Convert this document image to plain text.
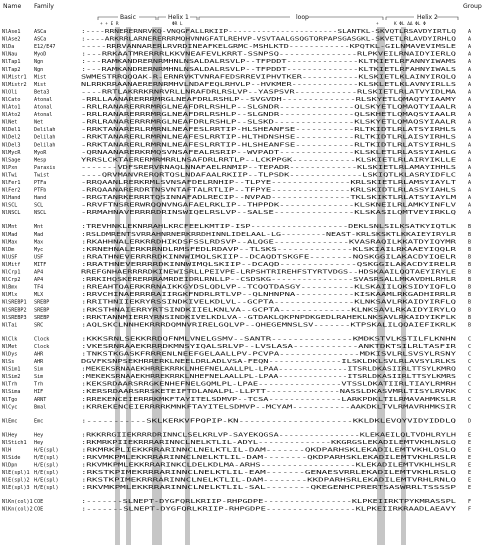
Name Family	Group
Basic	Helix 1	loop	Helix 2
+ + E R	ΦR L	+	K ΦL ΔΔ ΦL Φ
NlAse1	ASCa	:----RRNERERNRVKQ-VNQGFALLRKIIP-----------------------SLANTKL-SKVQTLRSAVDYIRTLQ A
NlAse2	ASCa	:----ARKRRLARNERERRRMQHVNNGFATLREHVP-VSVTAALGSQGTQRPAPSGASGKL-SKVETLRLAVDYIRHLQ A
NlDa	E12/E47	-----RRRVANNARERLRVRDINEAFKELGRMC-MSHLKTD------------KPQTKL-GILNMAVEVIMSLE A
NlNau	MyoD	:---RRKAATMRERRRLKKVNEAFEVLKRRT-SSNPSQ---------------RLPKVEILRNAIDYIERLQ A
NlTap1	Ngn	:---RAMKANDRERNRMHNLNSALDALRSVLP--TFPDDT--------------KLTKIETLRFANNYIWAMS A
NlTap2	Ngn	:---RAMKANDRERNRMHNLNSALDALRSVLP--TFPDDT--------------KLTKIETLRFAHNYIWALS A
NlMistr1 Mist	SWMESTRRQQQAK-R-ERNRVKTVNRAFEDSRREVIPHVTKER-----------KLSKIETLKLAINYIRQLQ A
NlMistr2 Mist	NLRRKRRAANAERERNRMHVLNDAFEQLRHVLP--HVKMER-------------KLSKLETLKLAVNYIRLLS A
NlOli	Beta3	----RRTLAKRRKRNRVRLLNRAFDRLRSLVP--YASPSVR------------RLSKIETLRLATVYIDLMA A
NlCato	Atonal	-RRLLAANARERRRMRGLNEAFDRLRSHLP--SVGVDH--------------RLSKYETLQMAQTYIAAMY A
NlAto1	Atonal	-RRLRANARERRRMRGLNEAFDRLRSHLP--SLGNDR--------------QLSKYETLQMAQTYIAALR A
NlAto2	Atonal	-RRLRANARERRRMRGLNEAFDRLRSHLP--SLGNDR--------------QLSKHETLQMAQSYIAALR A
NlNet	Net	-RRLRANARERRRMRGLNEAFDRLRSHLP--SLSKD---------------KLSKYETLQMAQSYIAALR A
NlDel1	Delilah	-RRKTANARERLRMRNLNEAFESLRRTIP-HLSHEANFSE-----------RLTKIDTLRLATSYIRHLS A
NlDel2	Delilah	-RRKTANARERLRMRNLNEAFESLRRTIP-HLTHDNSHSE-----------RLTKIDTLRLAISYIRHLS A
NlDel3	Delilah	-RRKTANARERLRMRNLNEAFESLRRTIP-HLSHEANFSE-----------RLTKIDTLRLATSYIRHLS A
NlMycR	MyoR	-QRNAANARERKRMQSVNSAFEALRSRIP--WVPADT--------------KLSKLETLRLASSYIAHLG A
NlSage	Mesp	YRRSLCKTAERERMRMRRLNSAFDRLRRTLP--LCKPPGK------------KLSKIETLRLAIRYIKLLE A
NlPxn	Paraxis	-------VDFSRERVRNAQLNNAFAELRNMIP--TEPADR-------------KLSKIETLRLAMAYIHHLS A
NlTwi	Twist	----QRVMANVRERQRTQSLNDAFAALRKIIP--TLPSDK--------------LSKIQTLKLASRYIDFLC A
NlFer1	PTFa	-RRQAANLRERKRMLSVNSAFDELRNHIP--TLPYE---------------KRLSKIETLRLAMSYIAYLT A
NlFer2	PTFb	-RRQAANARERDRTNSVNTAFTALRTLIP--TFPYE---------------KRLSKIDTLRLASSYIAHLS A
NlHand	Hand	-RRGTANRKERRRTQSINNAFADLRECIP--NVPAD---------------TKLSKIKTLRLATSYIAYLM A
NlSCL	SCL	-RRVFTNSRERWRQQNVNGAFAELRKLIP--THPPDK--------------KLSKNEILRLAMKYINFLV A
NlNSCL	NSCL	-RRMAHNAVERRRRDRINSWIQELRSLVP--SALSE---------------KLSKASILQMTVEYIRKLQ A
NlMnt	Mnt	:TREVHNKLEKNRRAHLKRCFEELKMTIP-ISP-------------------DEKLSNLSILKSATKYIQTLK B
NlMad	Mad	:RSLDMRENTSVRRAHNRNERKRRDHINNLIDELAAL-LG---------NEAST-KRLSKSKTLKKAIEYIRYLR B
NlMax	Max	:RKAHHNALERKRRDHIKDSFSSLRDSVP--ALQGE--------------KVASRAQILKKATDYIQYMR B
NlDm	Myc	:KRNEHNALERKRRNDLRMSFEDLRDAVP--TLSKS--------------KLSKIAILRKAAEYIQQLR B
NlUSF	USF	:RRATHNEVERRRRDKINNWIMQLSKIIP--DCAQDTSKGFE--------NQSKGGILAKACDYIQELR B
NlMitf	MITF	:RRATHNEVERRRRDKINNWIMQLSKIIP--DCAQD--------------QSKGGILAKACDYIRELR B
NlCrp1	AP4	RREFGNHAERRRRDKINEWISRLLPEIVPE-LRPSHTRIREHFSTYRTVDGS--HDSKAAILQQTAEYIRYLE B
NlCrp2	AP4	:RRKIHQSKERERRRAMRDEIDRLRNLLP--CSDSKG----------------SVASRSALLMKAVDHLRHLR B
NlBmx	TF4	:RREAHTQAERKRRNAIKKGYDSLQDLVP--TCQQTDASGY----------KLSKAIILQKSIDYIQFLQ B
NlMlx	MLX	:RRVCHINAERRRRAIIRGKFNDRLRTLVP--QLNHNPNA-----------KISKAAMLRKGADHIRRLR B
NlSREBP1 SREBP	:RRITHNIIEKRYRSSINDKIVELKDLVL--GCPTA---------------KLNKSAVLRKAIDYIRFLQ B
NlSREBP2 SREBP	:RKSTHNAIERRYRTSINDKIIELKNLVA--GCPTA-------------KLNKSAVLRKAIDYIRYLQ B
NlSREBP3 SREBP	:RRKTANNMIERRYRNSINDKIVELKDLVA--GTDAKLQKPNPDKGEDLRAHEKLNKSAVLRKAIDYIKFLK B
NlTai	SRC	:AQLSKCLNNHEKRRRDQMNVRIRELGQLVP--QHEGEMNSLSV-------KTPSKALILQQAIEFIKRLK B
NlClk	Clock	:KKKSRNLSEKKRRDQFNMLVNELGSMV--SANTR---------------KMDKSTVLKSTILFLKNHN C
NlMet	Clock	:VKESRNRAAEKRRRDKMNSYIQALSRLVP--LVSLASA------------ANKTDKTSILRLTASFIR C
NlDys	AHR	:TNKSTKGASKFRRRENLNEEFGELAALLPV-PCVPA---------------MDKISVLRLSVSYLRSNY C
NlSs	AHR	DGVFKSNPSEKHRRERKLNEELDRLADLVSA-FEQN--------------ILSKLDKLSVLRLAVSYLRLKS C
NlSim1	Sim	:MEKEKSRNAAEKHRREKRRKLNHEFNELAALLPL-LPAA--------------ITSRLDKASIIRLTTSYLKMRQ C
NlSim2	Sim	:MEKEKSRNAAEKHRREKRRKLNHEFNELAALLPL-LPAA--------------ITSRLDKASIIRLTTSYLKMRS C
NlTrh	Trh	:KEKSRDAARSRRGKENHEFNELGQMLPL-LPAE----------------VTSSLDKATIIRLTIAYLRMRH C
NlSima	HIF	:KERSRDAARSRRSKETEIFTDLANALPL-LLPTT--------------NASSLDKASVMRLTISYLRVRK C
NlTgo	ARNT	:RREKENCEIERRRKMKFTAYITELSDMVP--TCSA--------------LARKPDKLTILRMAVAHMKSLR C
NlCyc	Bmal	:KRREKENCEIERRRRKMNKFTAYITELSDMVP--MCYAM-----------AAKDKLTVLRMAVRHMKSIR C
NlEmc	Emc	:-----------SKLKERKVFPQPIP-KN---------------------KKLDKLEVQYVIDYIDDLQ D
NlHey	Hey	:RKKRRGIIEKRRRDRINNCLSELKRLVP-SAYEKQGSA----------------KLEKAEILQLTVDHLRYLH E
NlStich1 Hey	:RKMRKPIIEKRRRARINNCLNELKTLIL-ADYL--------------KKGRGSLEKADILEMTVKHLNSLQ E
NlH	H/E(spl)	:RKMRKPLIEKKRRARINNCLNELKTLIL-DAM-------QKDPARHSKLEKADILEMTVKHLQSLQ E
NlSide	H/E(spl)	:RKVMKPMLEKKRRARINNCLNELKTLIL-DAM--------QKDPARHSKLEKADILEMTVKHLRSLR E
NlDpn	H/E(spl)	:RKVMKPMLEKKRRARINKCLDELKDLMA-ARHS------------------KLEKADILEMTVKHLHSLR E
NlE(spl)1 H/E(spl)	:RKSTKPIMEKRRRARINNCLNELKTLIL-EAM-------GENAESVRRLEKADILEMTVKHLRSLQ E
NlE(spl)2 H/E(spl)	:RKSTKPIMEKRRRARINNCLNELKTLIL-DAM--------KKDPARHSRLEKADILEMTVRHLRNLQ E
NlE(spl)3 H/E(spl)	:RKVMKPMLEKKRRARINNCLNELKTLIL-SAL--------QKEGENHCPRERTSASWRRLTSSSSP E
NlKn(col)1 COE	:-------SLNEPT-DYGFQRLKRIIP-RHPGDPE-----------------KLPKEIIRKTPYKMRASSPL F
NlKn(col)2 COE	:-------SLNEPT-DYGFQRLKRIIP-RHPGDPE-----------------KLPKEIIRKRAADLAEAVY F
